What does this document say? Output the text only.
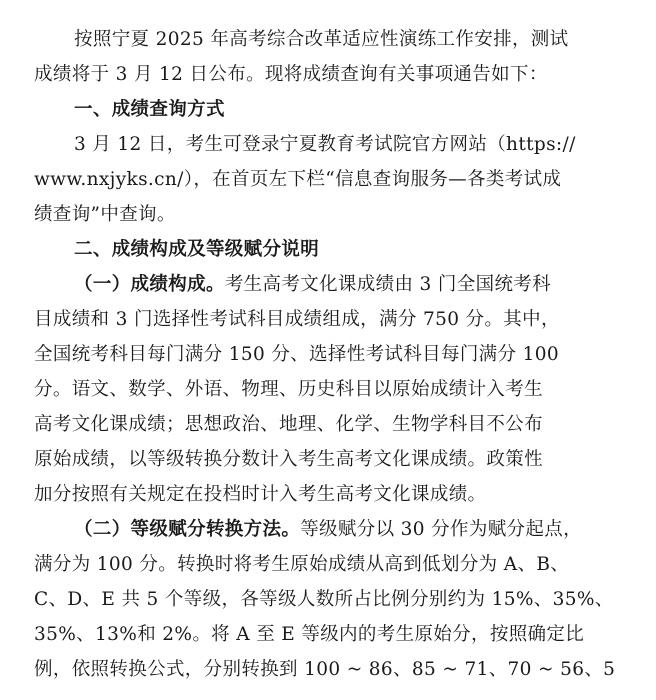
按照宁夏 2025 年高考综合改革适应性演练工作安排，测试
成绩将于 3 月 12 日公布。现将成绩查询有关事项通告如下：
一、成绩查询方式
3 月 12 日，考生可登录宁夏教育考试院官方网站（https://
www.nxjyks.cn/），在首页左下栏“信息查询服务—各类考试成
绩查询”中查询。
二、成绩构成及等级赋分说明
（一）成绩构成。考生高考文化课成绩由 3 门全国统考科
目成绩和 3 门选择性考试科目成绩组成，满分 750 分。其中，
全国统考科目每门满分 150 分、选择性考试科目每门满分 100
分。语文、数学、外语、物理、历史科目以原始成绩计入考生
高考文化课成绩；思想政治、地理、化学、生物学科目不公布
原始成绩，以等级转换分数计入考生高考文化课成绩。政策性
加分按照有关规定在投档时计入考生高考文化课成绩。
（二）等级赋分转换方法。等级赋分以 30 分作为赋分起点，
满分为 100 分。转换时将考生原始成绩从高到低划分为 A、B、
C、D、E 共 5 个等级，各等级人数所占比例分别约为 15%、35%、
35%、13%和 2%。将 A 至 E 等级内的考生原始分，按照确定比
例，依照转换公式，分别转换到 100 ~ 86、85 ~ 71、70 ~ 56、5
